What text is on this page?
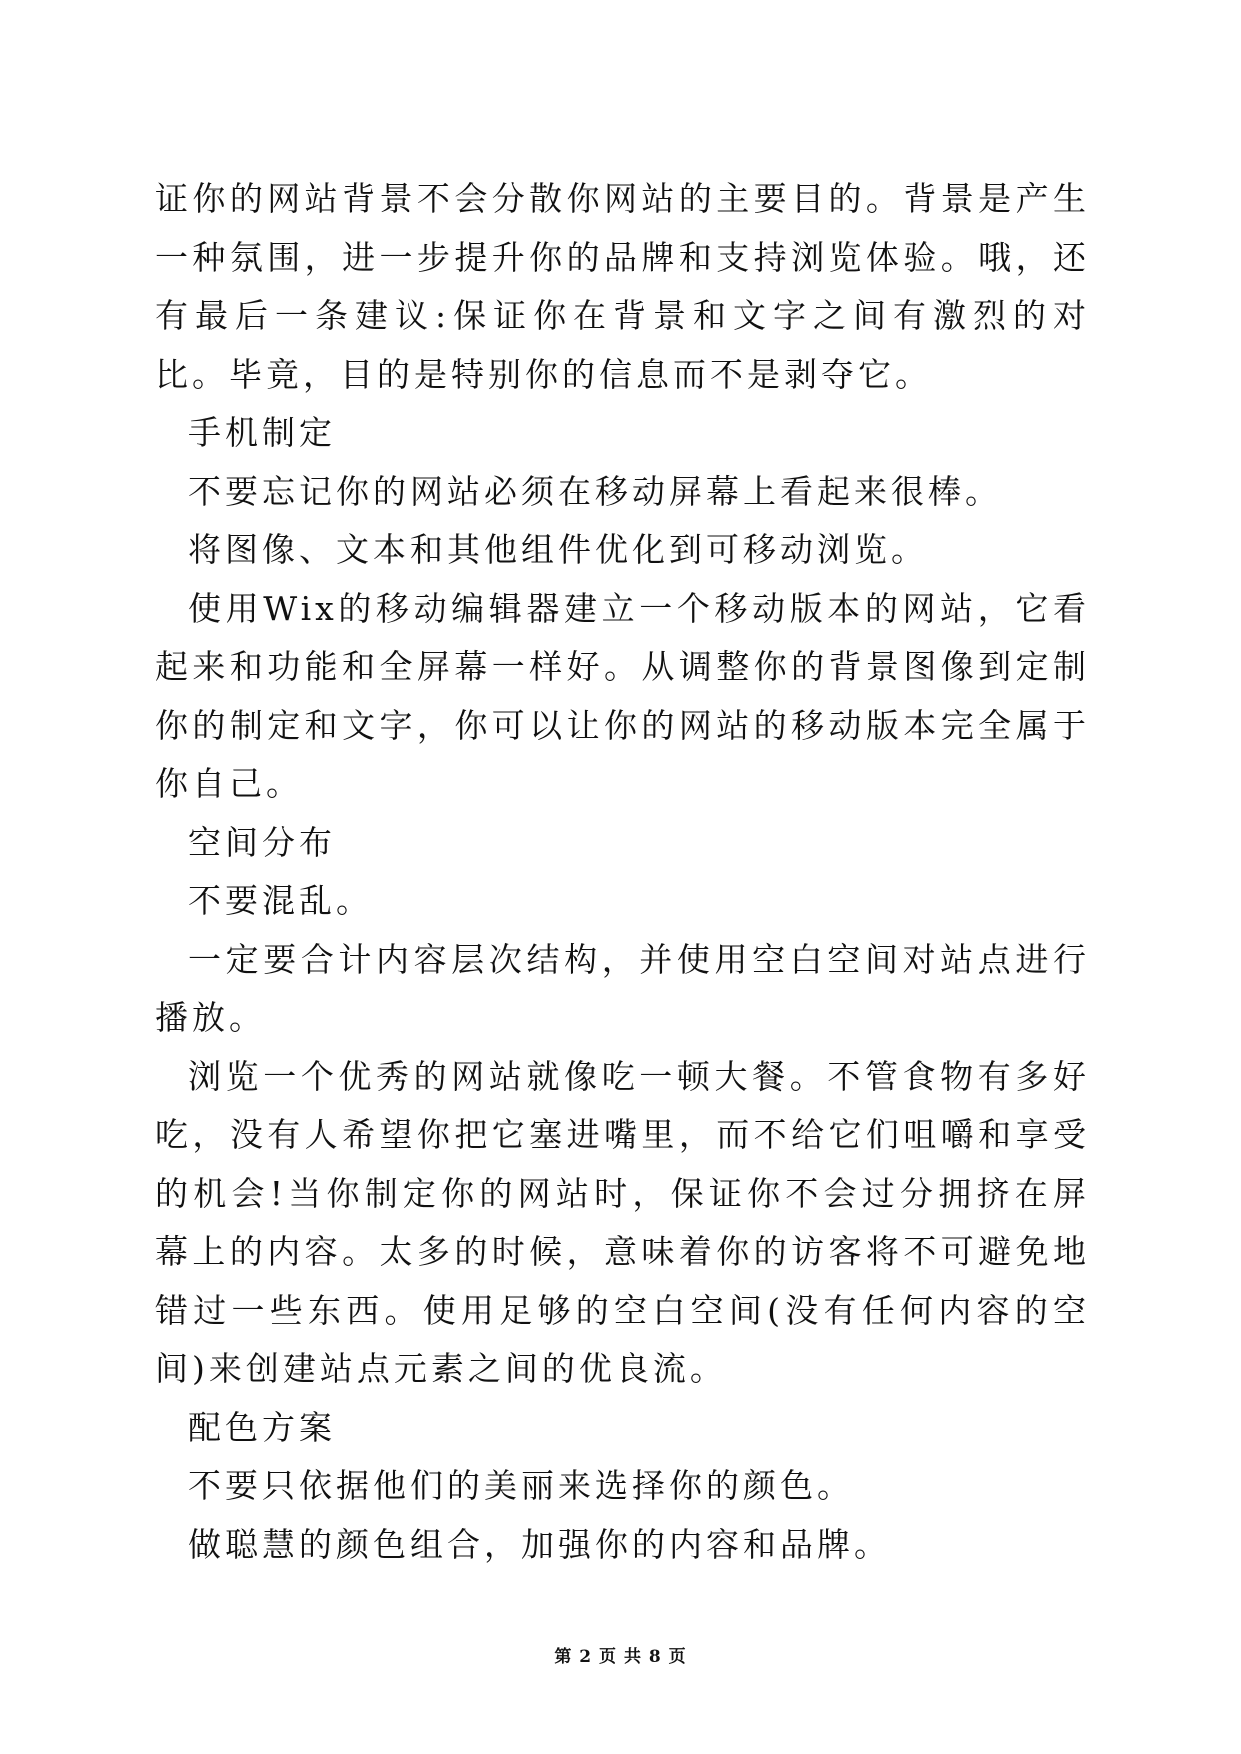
证你的网站背景不会分散你网站的主要目的。背景是产生一种氛围，进一步提升你的品牌和支持浏览体验。哦，还有最后一条建议:保证你在背景和文字之间有激烈的对比。毕竟，目的是特别你的信息而不是剥夺它。

手机制定

不要忘记你的网站必须在移动屏幕上看起来很棒。

将图像、文本和其他组件优化到可移动浏览。

使用Wix的移动编辑器建立一个移动版本的网站，它看起来和功能和全屏幕一样好。从调整你的背景图像到定制你的制定和文字，你可以让你的网站的移动版本完全属于你自己。

空间分布

不要混乱。

一定要合计内容层次结构，并使用空白空间对站点进行播放。

浏览一个优秀的网站就像吃一顿大餐。不管食物有多好吃，没有人希望你把它塞进嘴里，而不给它们咀嚼和享受的机会!当你制定你的网站时，保证你不会过分拥挤在屏幕上的内容。太多的时候，意味着你的访客将不可避免地错过一些东西。使用足够的空白空间(没有任何内容的空间)来创建站点元素之间的优良流。

配色方案

不要只依据他们的美丽来选择你的颜色。

做聪慧的颜色组合，加强你的内容和品牌。

第 2 页 共 8 页
